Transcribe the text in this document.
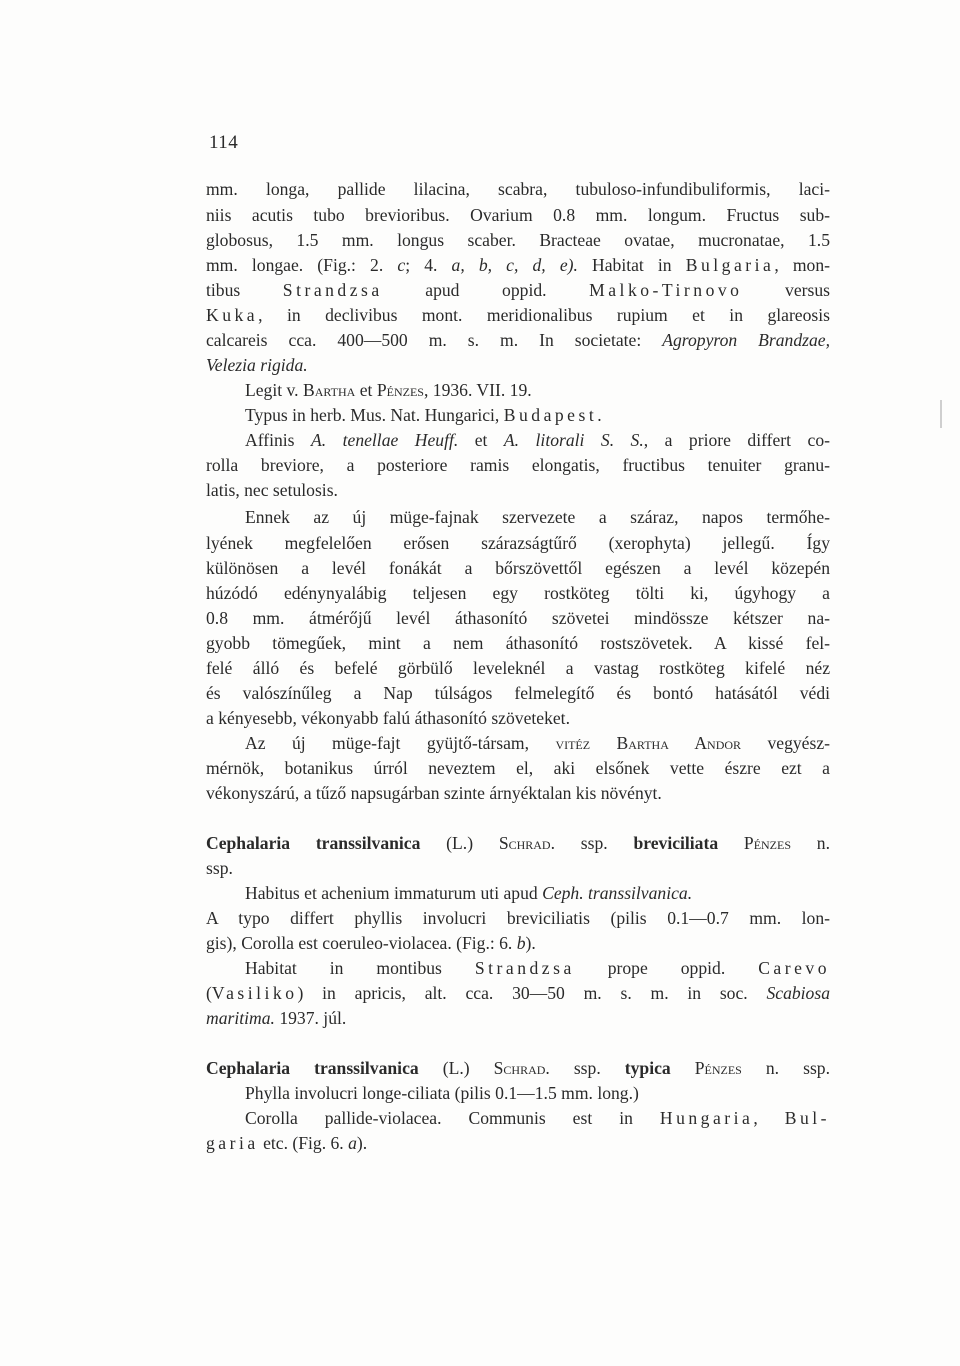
114
mm. longa, pallide lilacina, scabra, tubuloso-infundibuliformis, laci-
niis acutis tubo brevioribus. Ovarium 0.8 mm. longum. Fructus sub-
globosus, 1.5 mm. longus scaber. Bracteae ovatae, mucronatae, 1.5
mm. longae. (Fig.: 2. c; 4. a, b, c, d, e). Habitat in Bulgaria, mon-
tibus Strandzsa apud oppid. Malko-Tirnovo versus
Kuka, in declivibus mont. meridionalibus rupium et in glareosis
calcareis cca. 400—500 m. s. m. In societate: Agropyron Brandzae,
Velezia rigida.
Legit v. Bartha et Pénzes, 1936. VII. 19.
Typus in herb. Mus. Nat. Hungarici, Budapest.
Affinis A. tenellae Heuff. et A. litorali S. S., a priore differt co-
rolla breviore, a posteriore ramis elongatis, fructibus tenuiter granu-
latis, nec setulosis.
Ennek az új müge-fajnak szervezete a száraz, napos termőhe-
lyének megfelelően erősen szárazságtűrő (xerophyta) jellegű. Így
különösen a levél fonákát a bőrszövettől egészen a levél közepén
húzódó edénynyalábig teljesen egy rostköteg tölti ki, úgyhogy a
0.8 mm. átmérőjű levél áthasonító szövetei mindössze kétszer na-
gyobb tömegűek, mint a nem áthasonító rostszövetek. A kissé fel-
felé álló és befelé görbülő leveleknél a vastag rostköteg kifelé néz
és valószínűleg a Nap túlságos felmelegítő és bontó hatásától védi
a kényesebb, vékonyabb falú áthasonító szöveteket.
Az új müge-fajt gyüjtő-társam, vitéz Bartha Andor vegyész-
mérnök, botanikus úrról neveztem el, aki elsőnek vette észre ezt a
vékonyszárú, a tűző napsugárban szinte árnyéktalan kis növényt.
Cephalaria transsilvanica (L.) Schrad. ssp. breviciliata Pénzes n.
ssp.
Habitus et achenium immaturum uti apud Ceph. transsilvanica.
A typo differt phyllis involucri breviciliatis (pilis 0.1—0.7 mm. lon-
gis), Corolla est coeruleo-violacea. (Fig.: 6. b).
Habitat in montibus Strandzsa prope oppid. Carevo
(Vasiliko) in apricis, alt. cca. 30—50 m. s. m. in soc. Scabiosa
maritima. 1937. júl.
Cephalaria transsilvanica (L.) Schrad. ssp. typica Pénzes n. ssp.
Phylla involucri longe-ciliata (pilis 0.1—1.5 mm. long.)
Corolla pallide-violacea. Communis est in Hungaria, Bul-
garia etc. (Fig. 6. a).
